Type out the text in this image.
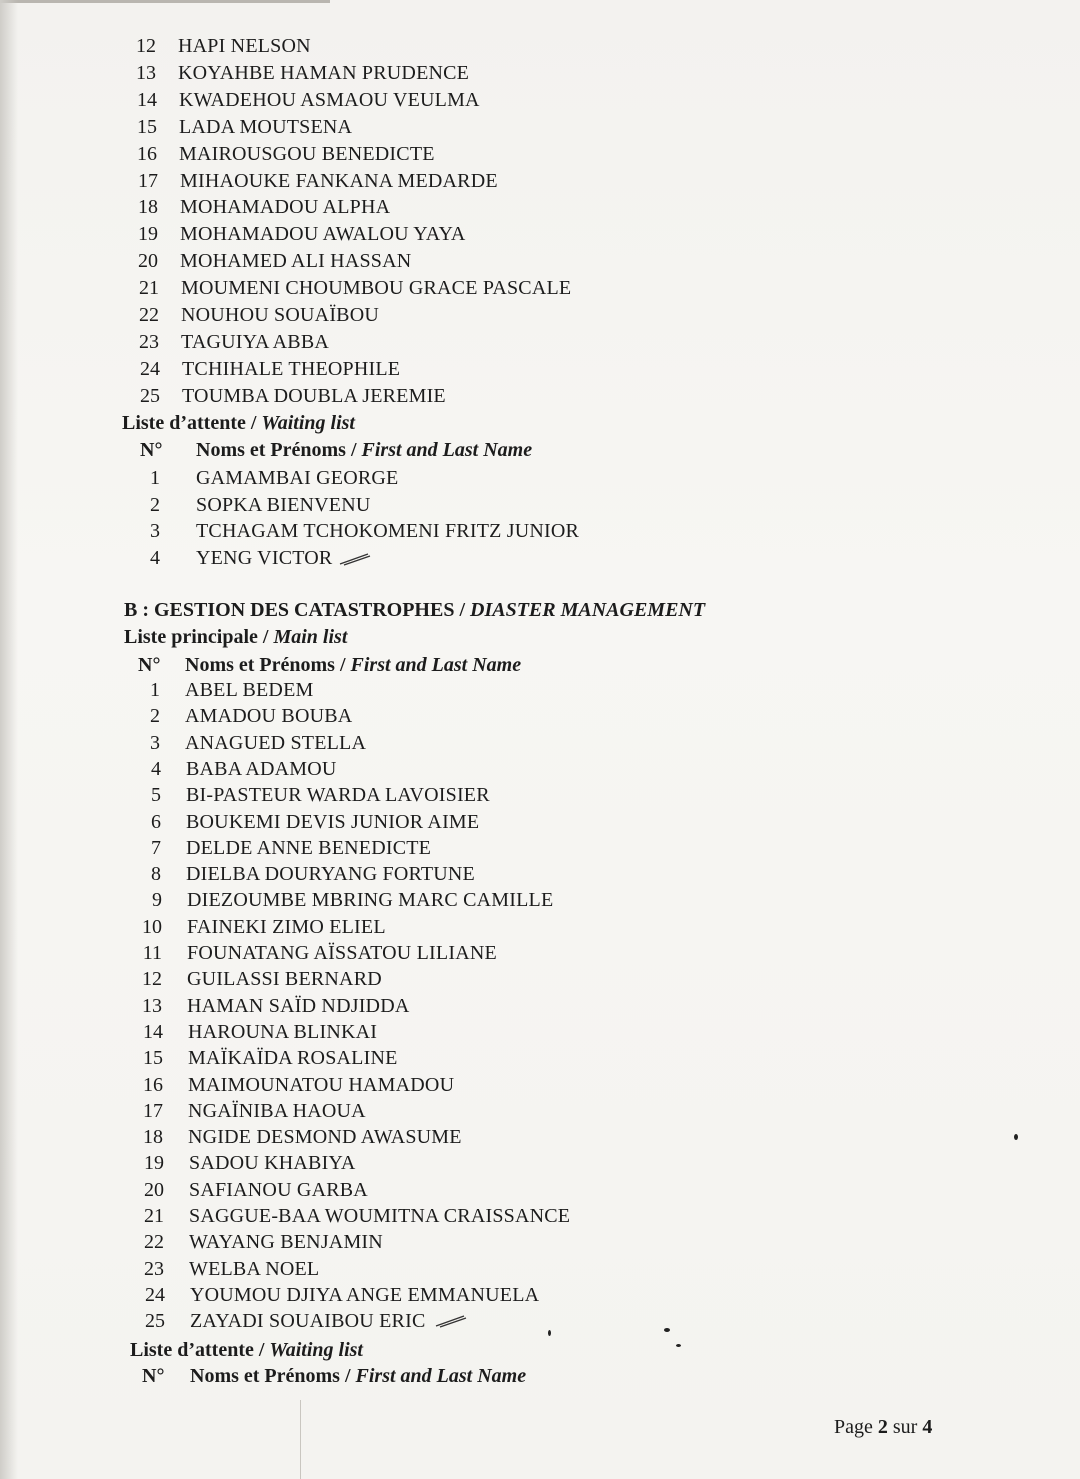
12 HAPI NELSON
13 KOYAHBE HAMAN PRUDENCE
14 KWADEHOU ASMAOU VEULMA
15 LADA MOUTSENA
16 MAIROUSGOU BENEDICTE
17 MIHAOUKE FANKANA MEDARDE
18 MOHAMADOU ALPHA
19 MOHAMADOU AWALOU YAYA
20 MOHAMED ALI HASSAN
21 MOUMENI CHOUMBOU GRACE PASCALE
22 NOUHOU SOUAÏBOU
23 TAGUIYA ABBA
24 TCHIHALE THEOPHILE
25 TOUMBA DOUBLA JEREMIE
Liste d’attente / Waiting list
N° Noms et Prénoms / First and Last Name
1 GAMAMBAI GEORGE
2 SOPKA BIENVENU
3 TCHAGAM TCHOKOMENI FRITZ JUNIOR
4 YENG VICTOR
B : GESTION DES CATASTROPHES / DIASTER MANAGEMENT
Liste principale / Main list
N° Noms et Prénoms / First and Last Name
1 ABEL BEDEM
2 AMADOU BOUBA
3 ANAGUED STELLA
4 BABA ADAMOU
5 BI-PASTEUR WARDA LAVOISIER
6 BOUKEMI DEVIS JUNIOR AIME
7 DELDE ANNE BENEDICTE
8 DIELBA DOURYANG FORTUNE
9 DIEZOUMBE MBRING MARC CAMILLE
10 FAINEKI ZIMO ELIEL
11 FOUNATANG AÏSSATOU LILIANE
12 GUILASSI BERNARD
13 HAMAN SAÏD NDJIDDA
14 HAROUNA BLINKAI
15 MAÏKAÏDA ROSALINE
16 MAIMOUNATOU HAMADOU
17 NGAÏNIBA HAOUA
18 NGIDE DESMOND AWASUME
19 SADOU KHABIYA
20 SAFIANOU GARBA
21 SAGGUE-BAA WOUMITNA CRAISSANCE
22 WAYANG BENJAMIN
23 WELBA NOEL
24 YOUMOU DJIYA ANGE EMMANUELA
25 ZAYADI SOUAIBOU ERIC
Liste d’attente / Waiting list
N° Noms et Prénoms / First and Last Name
Page 2 sur 4
